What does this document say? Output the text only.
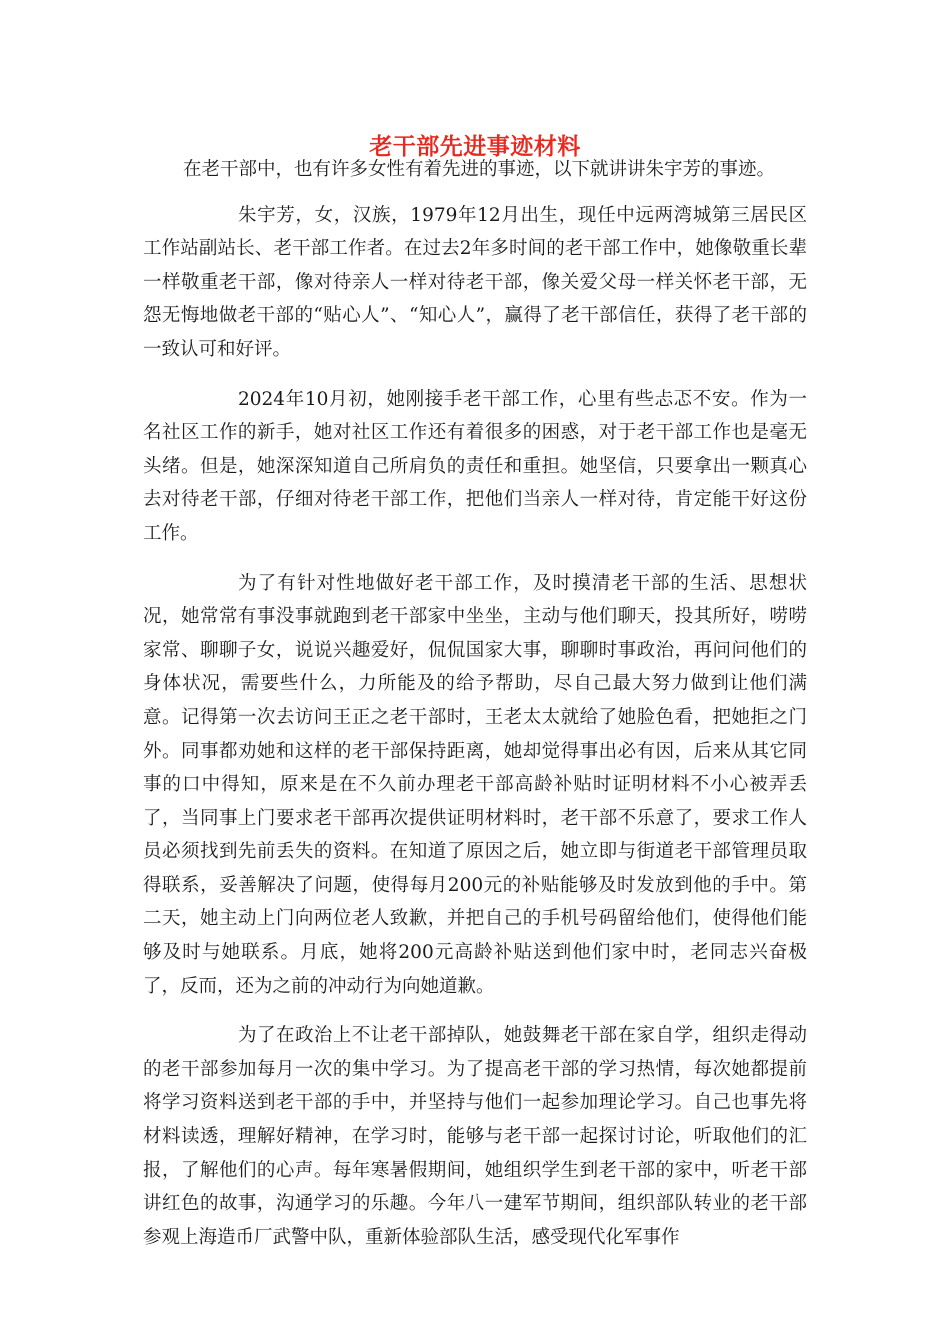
老干部先进事迹材料

在老干部中，也有许多女性有着先进的事迹，以下就讲讲朱宇芳的事迹。

朱宇芳，女，汉族，1979年12月出生，现任中远两湾城第三居民区工作站副站长、老干部工作者。在过去2年多时间的老干部工作中，她像敬重长辈一样敬重老干部，像对待亲人一样对待老干部，像关爱父母一样关怀老干部，无怨无悔地做老干部的“贴心人”、“知心人”，赢得了老干部信任，获得了老干部的一致认可和好评。

2024年10月初，她刚接手老干部工作，心里有些忐忑不安。作为一名社区工作的新手，她对社区工作还有着很多的困惑，对于老干部工作也是毫无头绪。但是，她深深知道自己所肩负的责任和重担。她坚信，只要拿出一颗真心去对待老干部，仔细对待老干部工作，把他们当亲人一样对待，肯定能干好这份工作。

为了有针对性地做好老干部工作，及时摸清老干部的生活、思想状况，她常常有事没事就跑到老干部家中坐坐，主动与他们聊天，投其所好，唠唠家常、聊聊子女，说说兴趣爱好，侃侃国家大事，聊聊时事政治，再问问他们的身体状况，需要些什么，力所能及的给予帮助，尽自己最大努力做到让他们满意。记得第一次去访问王正之老干部时，王老太太就给了她脸色看，把她拒之门外。同事都劝她和这样的老干部保持距离，她却觉得事出必有因，后来从其它同事的口中得知，原来是在不久前办理老干部高龄补贴时证明材料不小心被弄丢了，当同事上门要求老干部再次提供证明材料时，老干部不乐意了，要求工作人员必须找到先前丢失的资料。在知道了原因之后，她立即与街道老干部管理员取得联系，妥善解决了问题，使得每月200元的补贴能够及时发放到他的手中。第二天，她主动上门向两位老人致歉，并把自己的手机号码留给他们，使得他们能够及时与她联系。月底，她将200元高龄补贴送到他们家中时，老同志兴奋极了，反而，还为之前的冲动行为向她道歉。

为了在政治上不让老干部掉队，她鼓舞老干部在家自学，组织走得动的老干部参加每月一次的集中学习。为了提高老干部的学习热情，每次她都提前将学习资料送到老干部的手中，并坚持与他们一起参加理论学习。自己也事先将材料读透，理解好精神，在学习时，能够与老干部一起探讨讨论，听取他们的汇报，了解他们的心声。每年寒暑假期间，她组织学生到老干部的家中，听老干部讲红色的故事，沟通学习的乐趣。今年八一建军节期间，组织部队转业的老干部参观上海造币厂武警中队，重新体验部队生活，感受现代化军事作
